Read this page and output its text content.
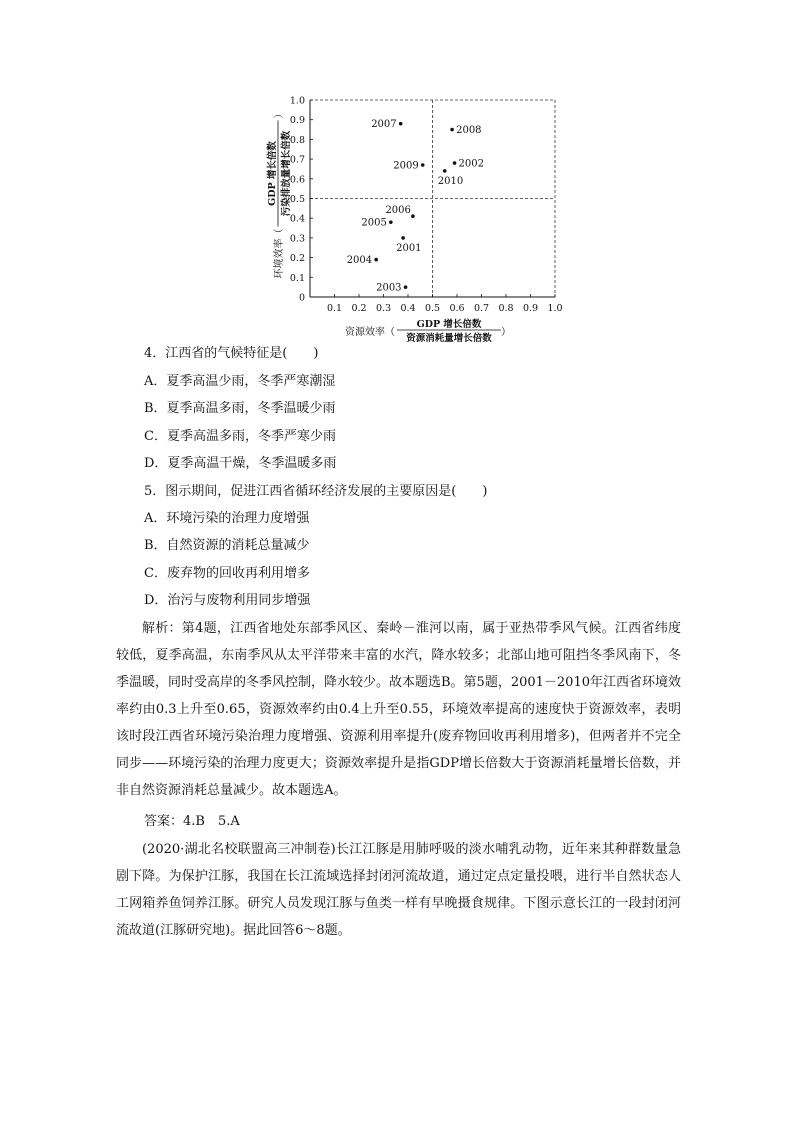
0
0.1
0.2
0.3
0.4
0.5
0.6
0.7
0.8
0.9
1.0
0.1 0.2 0.3 0.4 0.5 0.6 0.7 0.8 0.9 1.0
2007
2008
2009	2002
2010
2006
2005
2001
2004
2003
资源效率（
GDP 增长倍数
资源消耗量增长倍数
）
环境效率（
GDP 增长倍数 污染排放量增长倍数
）
4．江西省的气候特征是(　　)
A．夏季高温少雨，冬季严寒潮湿
B．夏季高温多雨，冬季温暖少雨
C．夏季高温多雨，冬季严寒少雨
D．夏季高温干燥，冬季温暖多雨
5．图示期间，促进江西省循环经济发展的主要原因是(　　)
A．环境污染的治理力度增强
B．自然资源的消耗总量减少
C．废弃物的回收再利用增多
D．治污与废物利用同步增强

解析：第4题，江西省地处东部季风区、秦岭－淮河以南，属于亚热带季风气候。江西省纬度较低，夏季高温，东南季风从太平洋带来丰富的水汽，降水较多；北部山地可阻挡冬季风南下，冬季温暖，同时受高岸的冬季风控制，降水较少。故本题选B。第5题，2001－2010年江西省环境效率约由0.3上升至0.65，资源效率约由0.4上升至0.55，环境效率提高的速度快于资源效率，表明该时段江西省环境污染治理力度增强、资源利用率提升(废弃物回收再利用增多)，但两者并不完全同步——环境污染的治理力度更大；资源效率提升是指GDP增长倍数大于资源消耗量增长倍数，并非自然资源消耗总量减少。故本题选A。

答案：4.B　5.A

(2020·湖北名校联盟高三冲制卷)长江江豚是用肺呼吸的淡水哺乳动物，近年来其种群数量急剧下降。为保护江豚，我国在长江流域选择封闭河流故道，通过定点定量投喂，进行半自然状态人工网箱养鱼饲养江豚。研究人员发现江豚与鱼类一样有早晚摄食规律。下图示意长江的一段封闭河流故道(江豚研究地)。据此回答6～8题。
